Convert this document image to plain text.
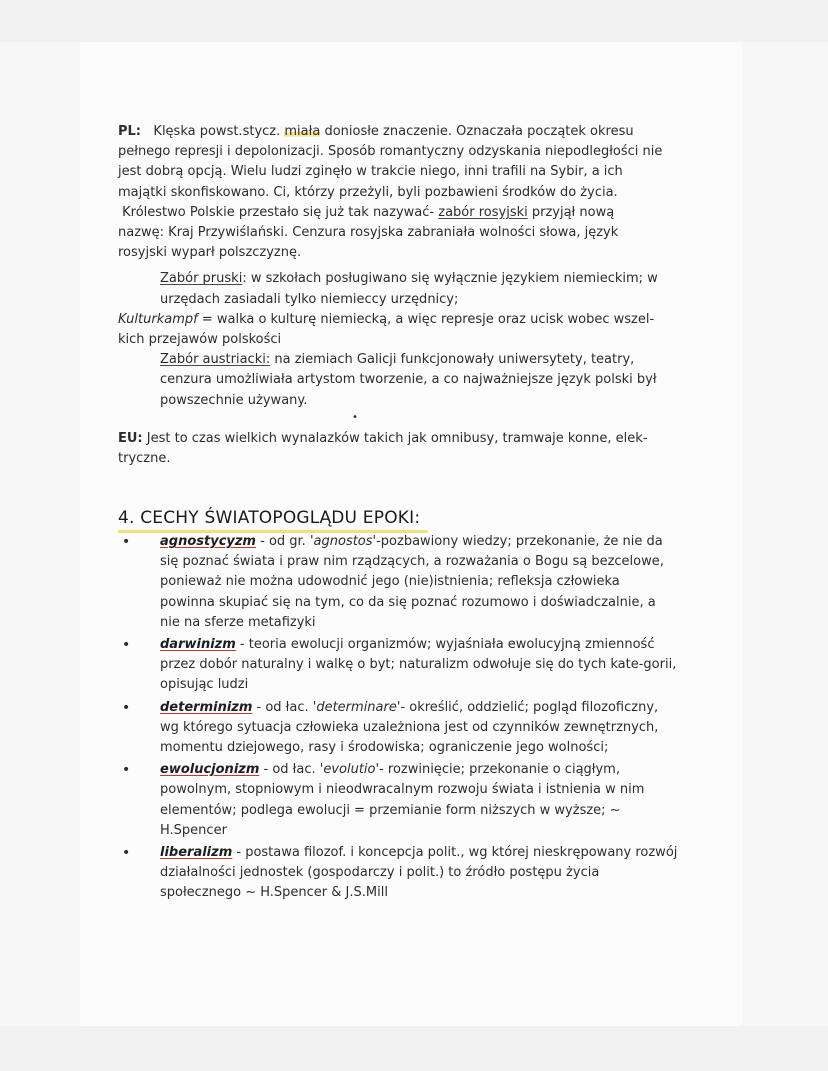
PL: Klęska powst.stycz. miała doniosłe znaczenie. Oznaczała początek okresu pełnego represji i depolonizacji. Sposób romantyczny odzyskania niepodległości nie jest dobrą opcją. Wielu ludzi zginęło w trakcie niego, inni trafili na Sybir, a ich majątki skonfiskowano. Ci, którzy przeżyli, byli pozbawieni środków do życia.

Królestwo Polskie przestało się już tak nazywać- zabór rosyjski przyjął nową nazwę: Kraj Przywiślański. Cenzura rosyjska zabraniała wolności słowa, język rosyjski wyparł polszczyznę.

Zabór pruski: w szkołach posługiwano się wyłącznie językiem niemieckim; w urzędach zasiadali tylko niemieccy urzędnicy;

Kulturkampf = walka o kulturę niemiecką, a więc represje oraz ucisk wobec wszel-kich przejawów polskości

Zabór austriacki: na ziemiach Galicji funkcjonowały uniwersytety, teatry, cenzura umożliwiała artystom tworzenie, a co najważniejsze język polski był powszechnie używany.

•

EU: Jest to czas wielkich wynalazków takich jak omnibusy, tramwaje konne, elek-tryczne.

4. CECHY ŚWIATOPOGLĄDU EPOKI:
• agnostycyzm - od gr. 'agnostos'-pozbawiony wiedzy; przekonanie, że nie da się poznać świata i praw nim rządzących, a rozważania o Bogu są bezcelowe, ponieważ nie można udowodnić jego (nie)istnienia; refleksja człowieka powinna skupiać się na tym, co da się poznać rozumowo i doświadczalnie, a nie na sferze metafizyki
• darwinizm - teoria ewolucji organizmów; wyjaśniała ewolucyjną zmienność przez dobór naturalny i walkę o byt; naturalizm odwołuje się do tych kate-gorii, opisując ludzi
• determinizm - od łac. 'determinare'- określić, oddzielić; pogląd filozoficzny, wg którego sytuacja człowieka uzależniona jest od czynników zewnętrznych, momentu dziejowego, rasy i środowiska; ograniczenie jego wolności;
• ewolucjonizm - od łac. 'evolutio'- rozwinięcie; przekonanie o ciągłym, powolnym, stopniowym i nieodwracalnym rozwoju świata i istnienia w nim elementów; podlega ewolucji = przemianie form niższych w wyższe; ~ H.Spencer
• liberalizm - postawa filozof. i koncepcja polit., wg której nieskrępowany rozwój działalności jednostek (gospodarczy i polit.) to źródło postępu życia społecznego ~ H.Spencer & J.S.Mill
